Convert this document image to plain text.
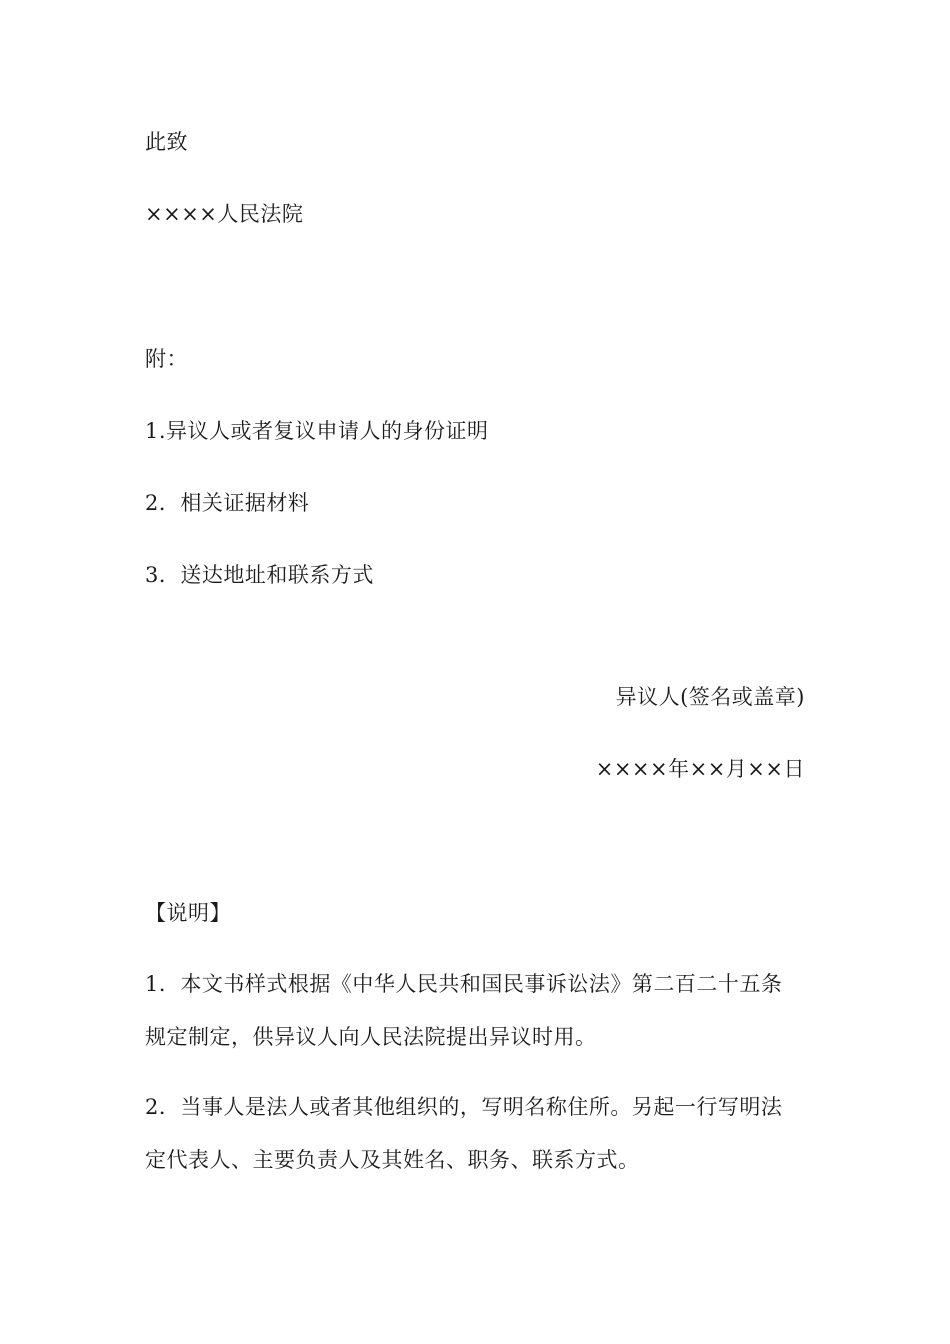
此致
××××人民法院
附：
1.异议人或者复议申请人的身份证明
2．相关证据材料
3．送达地址和联系方式
异议人(签名或盖章)
××××年××月××日
【说明】
1．本文书样式根据《中华人民共和国民事诉讼法》第二百二十五条
规定制定，供异议人向人民法院提出异议时用。
2．当事人是法人或者其他组织的，写明名称住所。另起一行写明法
定代表人、主要负责人及其姓名、职务、联系方式。
